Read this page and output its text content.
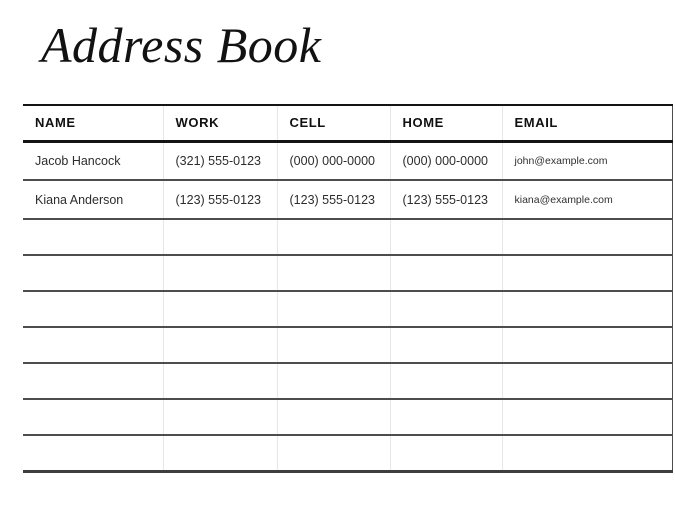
Address Book
NAME	WORK	CELL	HOME	EMAIL
Jacob Hancock	(321) 555-0123	(000) 000-0000	(000) 000-0000	john@example.com
Kiana Anderson	(123) 555-0123	(123) 555-0123	(123) 555-0123	kiana@example.com
